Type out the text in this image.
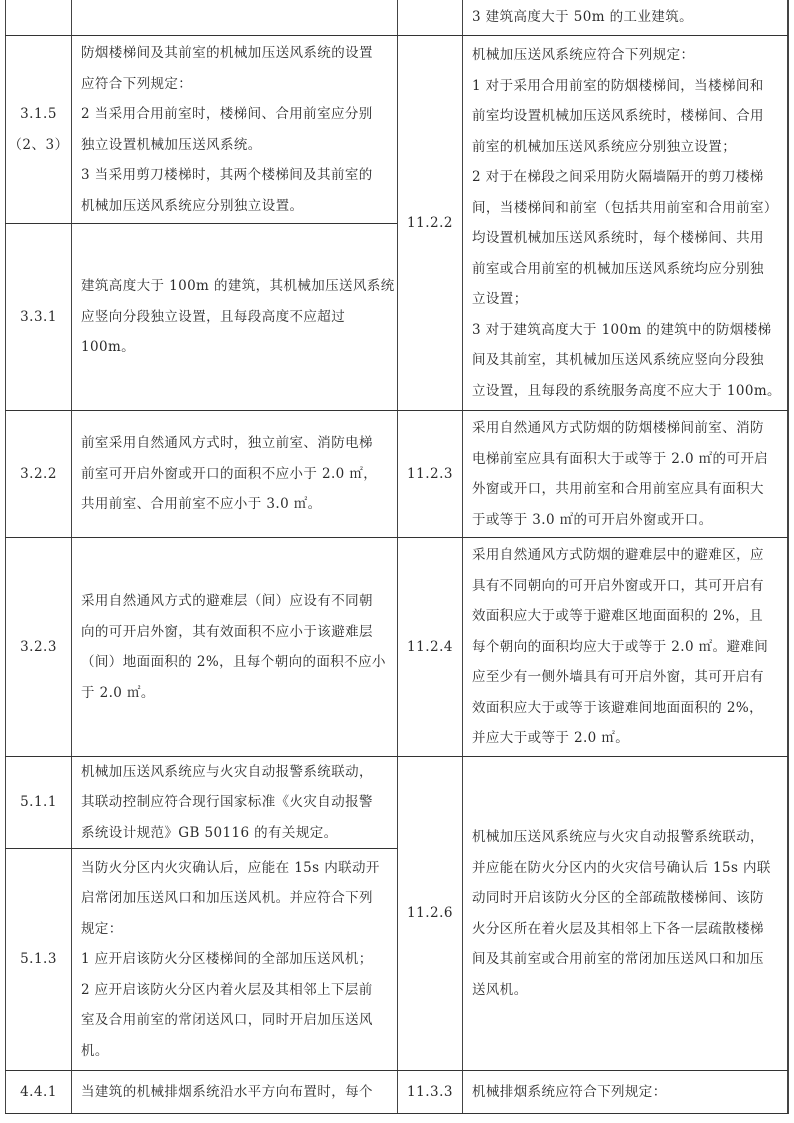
3.1.5

（2、3）

防烟楼梯间及其前室的机械加压送风系统的设置

应符合下列规定：

2 当采用合用前室时，楼梯间、合用前室应分别

独立设置机械加压送风系统。

3 当采用剪刀楼梯时，其两个楼梯间及其前室的

机械加压送风系统应分别独立设置。

3.3.1

建筑高度大于 100m 的建筑，其机械加压送风系统

应竖向分段独立设置，且每段高度不应超过

100m。

3.2.2

前室采用自然通风方式时，独立前室、消防电梯

前室可开启外窗或开口的面积不应小于 2.0 ㎡，

共用前室、合用前室不应小于 3.0 ㎡。

3.2.3

采用自然通风方式的避难层（间）应设有不同朝

向的可开启外窗，其有效面积不应小于该避难层

（间）地面面积的 2%，且每个朝向的面积不应小

于 2.0 ㎡。

5.1.1

机械加压送风系统应与火灾自动报警系统联动，

其联动控制应符合现行国家标准《火灾自动报警

系统设计规范》GB 50116 的有关规定。

5.1.3

当防火分区内火灾确认后，应能在 15s 内联动开

启常闭加压送风口和加压送风机。并应符合下列

规定：

1 应开启该防火分区楼梯间的全部加压送风机；

2 应开启该防火分区内着火层及其相邻上下层前

室及合用前室的常闭送风口，同时开启加压送风

机。

4.4.1 当建筑的机械排烟系统沿水平方向布置时，每个

3 建筑高度大于 50m 的工业建筑。

11.2.2

机械加压送风系统应符合下列规定：

1 对于采用合用前室的防烟楼梯间，当楼梯间和

前室均设置机械加压送风系统时，楼梯间、合用

前室的机械加压送风系统应分别独立设置；

2 对于在梯段之间采用防火隔墙隔开的剪刀楼梯

间，当楼梯间和前室（包括共用前室和合用前室）

均设置机械加压送风系统时，每个楼梯间、共用

前室或合用前室的机械加压送风系统均应分别独

立设置；

3 对于建筑高度大于 100m 的建筑中的防烟楼梯

间及其前室，其机械加压送风系统应竖向分段独

立设置，且每段的系统服务高度不应大于 100m。

11.2.3

采用自然通风方式防烟的防烟楼梯间前室、消防

电梯前室应具有面积大于或等于 2.0 ㎡的可开启

外窗或开口，共用前室和合用前室应具有面积大

于或等于 3.0 ㎡的可开启外窗或开口。

11.2.4

采用自然通风方式防烟的避难层中的避难区，应

具有不同朝向的可开启外窗或开口，其可开启有

效面积应大于或等于避难区地面面积的 2%，且

每个朝向的面积均应大于或等于 2.0 ㎡。避难间

应至少有一侧外墙具有可开启外窗，其可开启有

效面积应大于或等于该避难间地面面积的 2%，

并应大于或等于 2.0 ㎡。

11.2.6

机械加压送风系统应与火灾自动报警系统联动，

并应能在防火分区内的火灾信号确认后 15s 内联

动同时开启该防火分区的全部疏散楼梯间、该防

火分区所在着火层及其相邻上下各一层疏散楼梯

间及其前室或合用前室的常闭加压送风口和加压

送风机。

11.3.3 机械排烟系统应符合下列规定：
